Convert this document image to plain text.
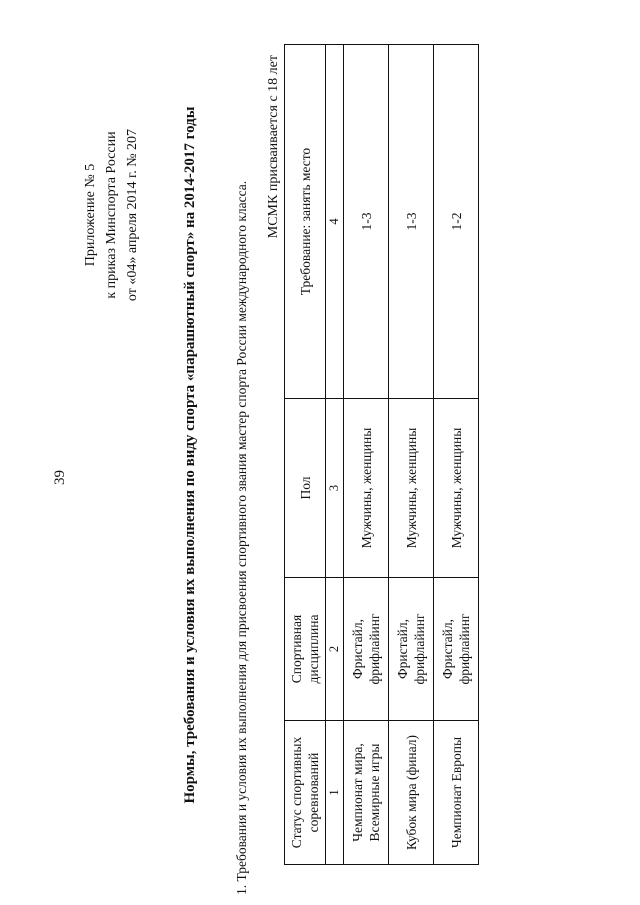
39
Приложение № 5 к приказ Минспорта России от «04» апреля 2014 г. № 207	Нормы, требования и условия их выполнения по виду спорта «парашютный спорт» на 2014-2017 годы	1. Требования и условия их выполнения для присвоения спортивного звания мастер спорта России международного класса.
МСМК присваивается с 18 лет
Статус спортивных соревнований	Спортивная дисциплина	Пол	Требование: занять место
1	2	3	4
Чемпионат мира, Всемирные игры	Фристайл, фрифлайинг	Мужчины, женщины	1-3
Кубок мира (финал)	Фристайл, фрифлайинг	Мужчины, женщины	1-3
Чемпионат Европы	Фристайл, фрифлайинг	Мужчины, женщины	1-2
